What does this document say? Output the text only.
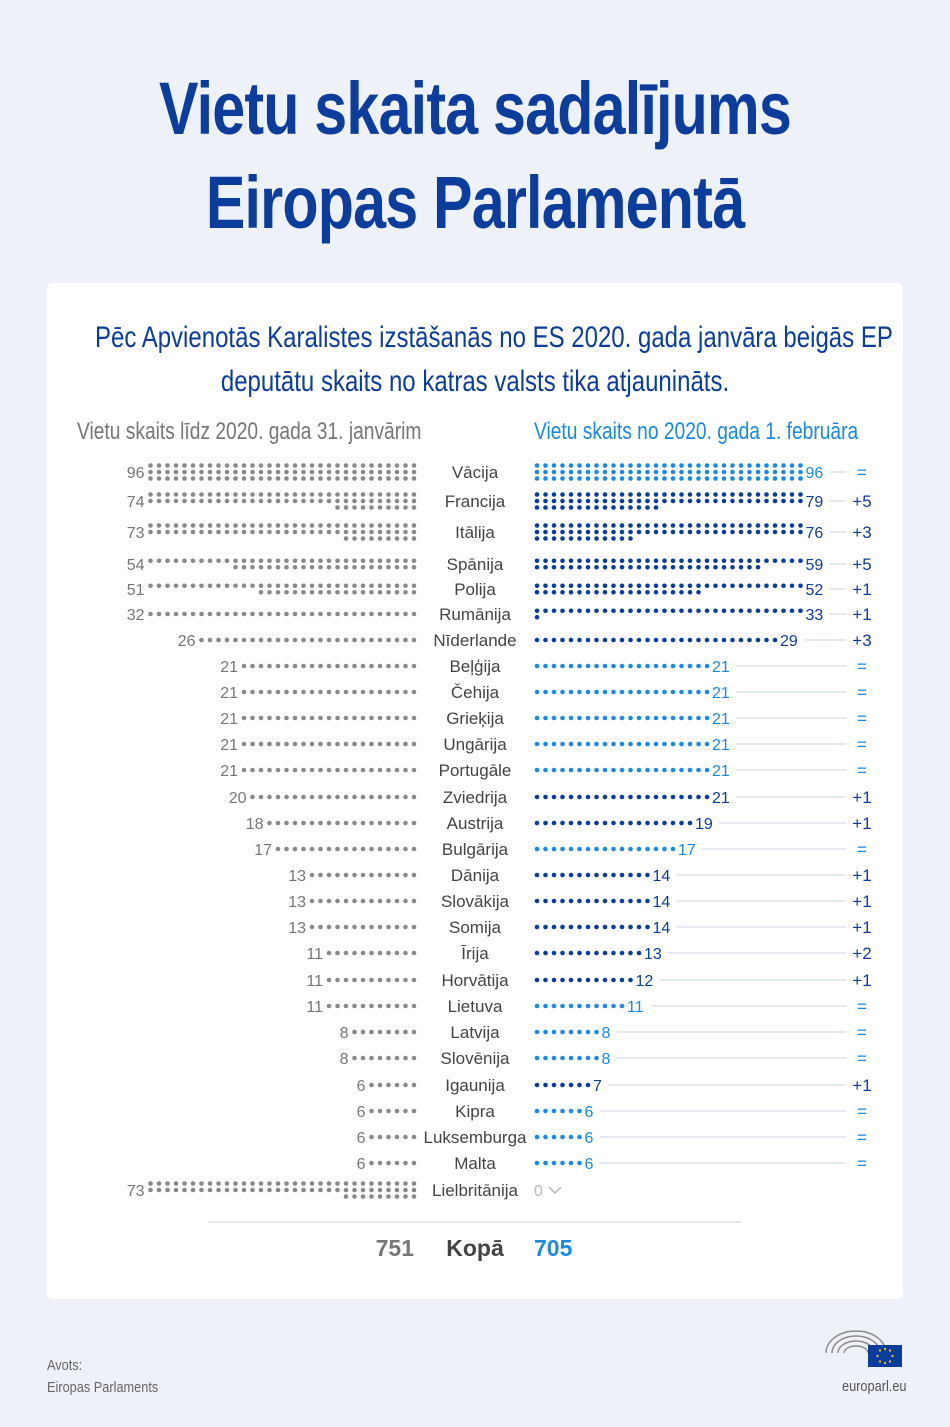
Vietu skaita sadalījums
Eiropas Parlamentā
Pēc Apvienotās Karalistes izstāšanās no ES 2020. gada janvāra beigās EP
deputātu skaits no katras valsts tika atjaunināts.
Vietu skaits līdz 2020. gada 31. janvārim	Vietu skaits no 2020. gada 1. februāra
Vācija
96	96 =
Francija
74	79 +5
Itālija
73	76 +3
Spānija
54	59 +5
Polija
51	52 +1
Rumānija
32	33 +1
Nīderlande
26	29	+3
Beļģija
21	21	=
Čehija
21	21	=
Grieķija
21	21	=
Ungārija
21	21	=
Portugāle
21	21	=
Zviedrija
20	21	+1
Austrija
18	19	+1
Bulgārija
17	17	=
Dānija
13	14	+1
Slovākija
13	14	+1
Somija
13	14	+1
Īrija
11	13	+2
Horvātija
11	12	+1
Lietuva
11	11	=
Latvija
8	8	=
Slovēnija
8	8	=
Igaunija
6	7	+1
Kipra
6	6	=
Luksemburga
6	6	=
Malta
6	6	=
Lielbritānija
73	0
751 Kopā 705
Avots:
Eiropas Parlaments	europarl.eu
